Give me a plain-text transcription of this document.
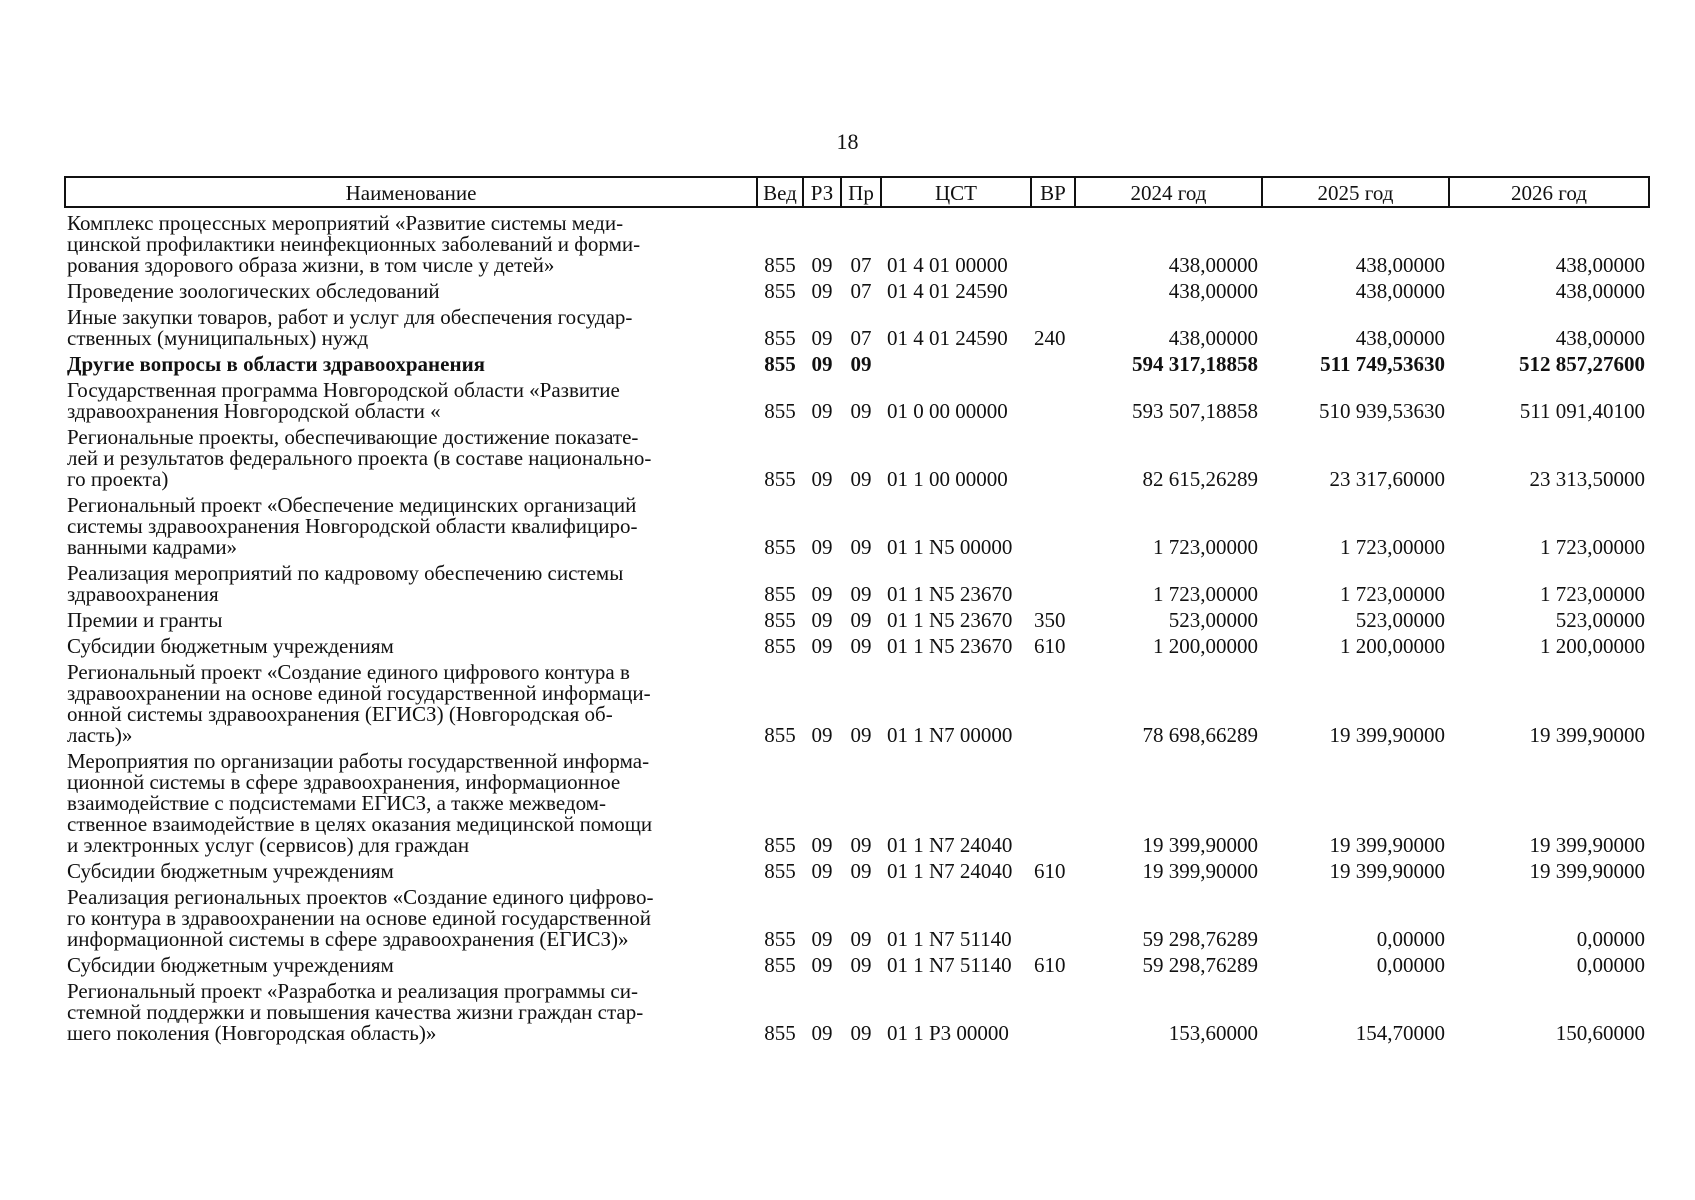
18
Наименование	Вед	РЗ	Пр	ЦСТ	ВР	2024 год	2025 год	2026 год
Комплекс процессных мероприятий «Развитие системы меди-
цинской профилактики неинфекционных заболеваний и форми-
рования здорового образа жизни, в том числе у детей»	855	09	07	01 4 01 00000		438,00000	438,00000	438,00000
Проведение зоологических обследований	855	09	07	01 4 01 24590		438,00000	438,00000	438,00000
Иные закупки товаров, работ и услуг для обеспечения государ-
ственных (муниципальных) нужд	855	09	07	01 4 01 24590	240	438,00000	438,00000	438,00000
Другие вопросы в области здравоохранения	855	09	09			594 317,18858	511 749,53630	512 857,27600
Государственная программа Новгородской области «Развитие
здравоохранения Новгородской области «	855	09	09	01 0 00 00000		593 507,18858	510 939,53630	511 091,40100
Региональные проекты, обеспечивающие достижение показате-
лей и результатов федерального проекта (в составе национально-
го проекта)	855	09	09	01 1 00 00000		82 615,26289	23 317,60000	23 313,50000
Региональный проект «Обеспечение медицинских организаций
системы здравоохранения Новгородской области квалифициро-
ванными кадрами»	855	09	09	01 1 N5 00000		1 723,00000	1 723,00000	1 723,00000
Реализация мероприятий по кадровому обеспечению системы
здравоохранения	855	09	09	01 1 N5 23670		1 723,00000	1 723,00000	1 723,00000
Премии и гранты	855	09	09	01 1 N5 23670	350	523,00000	523,00000	523,00000
Субсидии бюджетным учреждениям	855	09	09	01 1 N5 23670	610	1 200,00000	1 200,00000	1 200,00000
Региональный проект «Создание единого цифрового контура в
здравоохранении на основе единой государственной информаци-
онной системы здравоохранения (ЕГИСЗ) (Новгородская об-
ласть)»	855	09	09	01 1 N7 00000		78 698,66289	19 399,90000	19 399,90000
Мероприятия по организации работы государственной информа-
ционной системы в сфере здравоохранения, информационное
взаимодействие с подсистемами ЕГИСЗ, а также межведом-
ственное взаимодействие в целях оказания медицинской помощи
и электронных услуг (сервисов) для граждан	855	09	09	01 1 N7 24040		19 399,90000	19 399,90000	19 399,90000
Субсидии бюджетным учреждениям	855	09	09	01 1 N7 24040	610	19 399,90000	19 399,90000	19 399,90000
Реализация региональных проектов «Создание единого цифрово-
го контура в здравоохранении на основе единой государственной
информационной системы в сфере здравоохранения (ЕГИСЗ)»	855	09	09	01 1 N7 51140		59 298,76289	0,00000	0,00000
Субсидии бюджетным учреждениям	855	09	09	01 1 N7 51140	610	59 298,76289	0,00000	0,00000
Региональный проект «Разработка и реализация программы си-
стемной поддержки и повышения качества жизни граждан стар-
шего поколения (Новгородская область)»	855	09	09	01 1 P3 00000		153,60000	154,70000	150,60000
